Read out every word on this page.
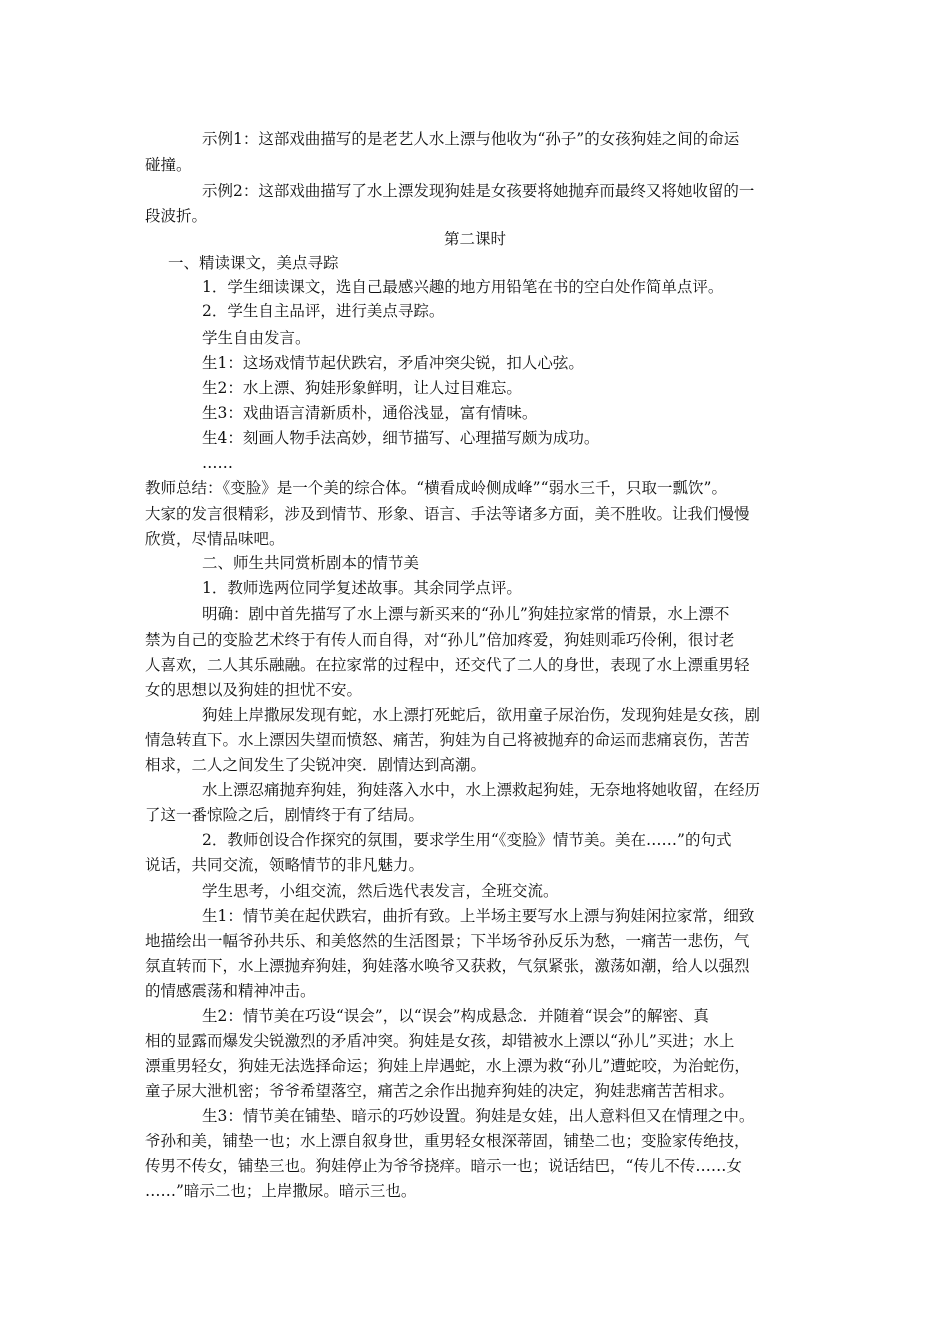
示例1：这部戏曲描写的是老艺人水上漂与他收为“孙子”的女孩狗娃之间的命运
碰撞。
示例2：这部戏曲描写了水上漂发现狗娃是女孩要将她抛弃而最终又将她收留的一
段波折。
第二课时
一、精读课文，美点寻踪
1．学生细读课文，选自己最感兴趣的地方用铅笔在书的空白处作简单点评。
2．学生自主品评，进行美点寻踪。
学生自由发言。
生1：这场戏情节起伏跌宕，矛盾冲突尖锐，扣人心弦。
生2：水上漂、狗娃形象鲜明，让人过目难忘。
生3：戏曲语言清新质朴，通俗浅显，富有情味。
生4：刻画人物手法高妙，细节描写、心理描写颇为成功。
……
教师总结：《变脸》是一个美的综合体。“横看成岭侧成峰”“弱水三千，只取一瓢饮”。
大家的发言很精彩，涉及到情节、形象、语言、手法等诸多方面，美不胜收。让我们慢慢
欣赏，尽情品味吧。
二、师生共同赏析剧本的情节美
1．教师选两位同学复述故事。其余同学点评。
明确：剧中首先描写了水上漂与新买来的“孙儿”狗娃拉家常的情景，水上漂不
禁为自己的变脸艺术终于有传人而自得，对“孙儿”倍加疼爱，狗娃则乖巧伶俐，很讨老
人喜欢，二人其乐融融。在拉家常的过程中，还交代了二人的身世，表现了水上漂重男轻
女的思想以及狗娃的担忧不安。
狗娃上岸撒尿发现有蛇，水上漂打死蛇后，欲用童子尿治伤，发现狗娃是女孩，剧
情急转直下。水上漂因失望而愤怒、痛苦，狗娃为自己将被抛弃的命运而悲痛哀伤，苦苦
相求，二人之间发生了尖锐冲突．剧情达到高潮。
水上漂忍痛抛弃狗娃，狗娃落入水中，水上漂救起狗娃，无奈地将她收留，在经历
了这一番惊险之后，剧情终于有了结局。
2．教师创设合作探究的氛围，要求学生用“《变脸》情节美。美在……”的句式
说话，共同交流，领略情节的非凡魅力。
学生思考，小组交流，然后选代表发言，全班交流。
生1：情节美在起伏跌宕，曲折有致。上半场主要写水上漂与狗娃闲拉家常，细致
地描绘出一幅爷孙共乐、和美悠然的生活图景；下半场爷孙反乐为愁，一痛苦一悲伤，气
氛直转而下，水上漂抛弃狗娃，狗娃落水唤爷又获救，气氛紧张，激荡如潮，给人以强烈
的情感震荡和精神冲击。
生2：情节美在巧设“误会”，以“误会”构成悬念．并随着“误会”的解密、真
相的显露而爆发尖锐激烈的矛盾冲突。狗娃是女孩，却错被水上漂以“孙儿”买进；水上
漂重男轻女，狗娃无法选择命运；狗娃上岸遇蛇，水上漂为救“孙儿”遭蛇咬，为治蛇伤，
童子尿大泄机密；爷爷希望落空，痛苦之余作出抛弃狗娃的决定，狗娃悲痛苦苦相求。
生3：情节美在铺垫、暗示的巧妙设置。狗娃是女娃，出人意料但又在情理之中。
爷孙和美，铺垫一也；水上漂自叙身世，重男轻女根深蒂固，铺垫二也；变脸家传绝技，
传男不传女，铺垫三也。狗娃停止为爷爷挠痒。暗示一也；说话结巴，“传儿不传……女
……”暗示二也；上岸撒尿。暗示三也。
